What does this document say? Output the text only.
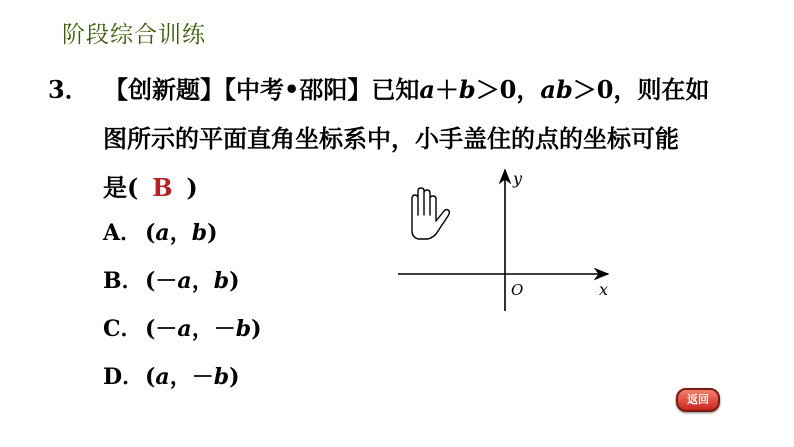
阶段综合训练
3． 【创新题】【中考•邵阳】已知a＋b＞0，ab＞0，则在如
图所示的平面直角坐标系中，小手盖住的点的坐标可能
是( B )
A． (a，b)
B．(－a，b)
C． (－a，－b)
D．(a，－b)
x
y
O
返回
